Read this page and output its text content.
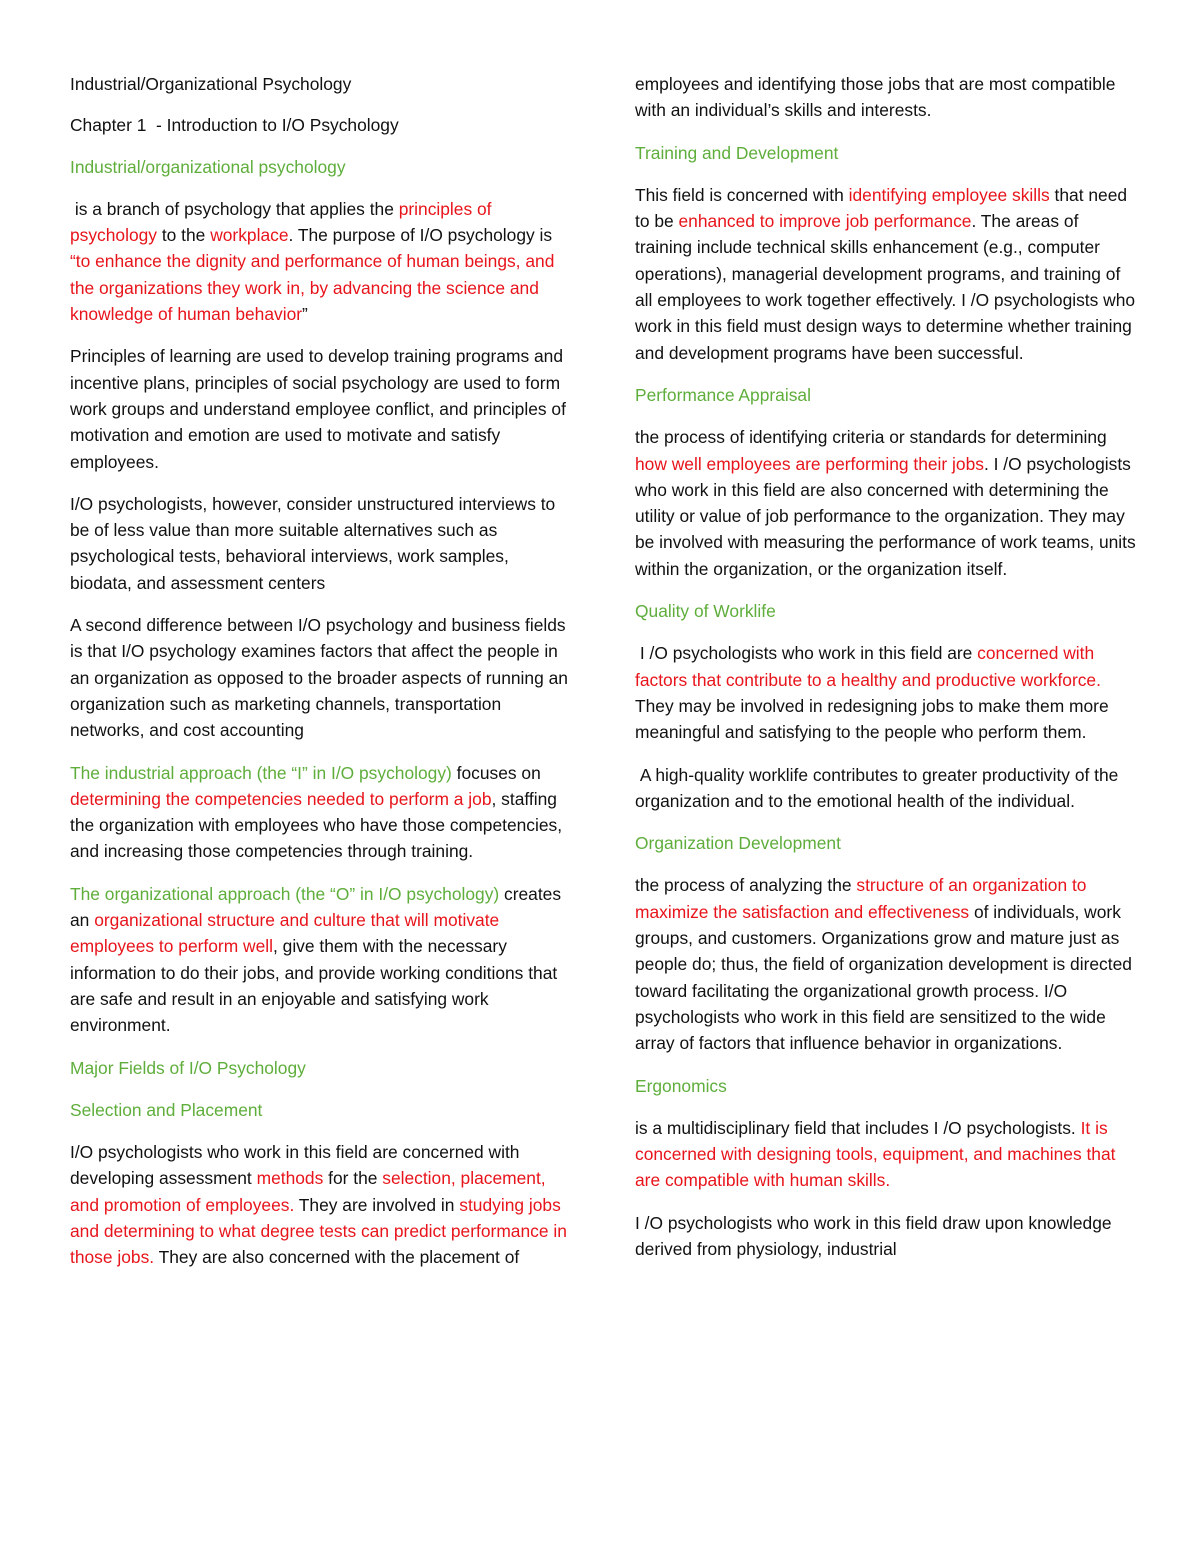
Industrial/Organizational Psychology
Chapter 1  - Introduction to I/O Psychology
Industrial/organizational psychology
is a branch of psychology that applies the principles of psychology to the workplace. The purpose of I/O psychology is “to enhance the dignity and performance of human beings, and the organizations they work in, by advancing the science and knowledge of human behavior”
Principles of learning are used to develop training programs and incentive plans, principles of social psychology are used to form work groups and understand employee conflict, and principles of motivation and emotion are used to motivate and satisfy employees.
I/O psychologists, however, consider unstructured interviews to be of less value than more suitable alternatives such as psychological tests, behavioral interviews, work samples, biodata, and assessment centers
A second difference between I/O psychology and business fields is that I/O psychology examines factors that affect the people in an organization as opposed to the broader aspects of running an organization such as marketing channels, transportation networks, and cost accounting
The industrial approach (the “I” in I/O psychology) focuses on determining the competencies needed to perform a job, staffing the organization with employees who have those competencies, and increasing those competencies through training.
The organizational approach (the “O” in I/O psychology) creates an organizational structure and culture that will motivate employees to perform well, give them with the necessary information to do their jobs, and provide working conditions that are safe and result in an enjoyable and satisfying work environment.
Major Fields of I/O Psychology
Selection and Placement
I/O psychologists who work in this field are concerned with developing assessment methods for the selection, placement, and promotion of employees. They are involved in studying jobs and determining to what degree tests can predict performance in those jobs. They are also concerned with the placement of
employees and identifying those jobs that are most compatible with an individual’s skills and interests.
Training and Development
This field is concerned with identifying employee skills that need to be enhanced to improve job performance. The areas of training include technical skills enhancement (e.g., computer operations), managerial development programs, and training of all employees to work together effectively. I /O psychologists who work in this field must design ways to determine whether training and development programs have been successful.
Performance Appraisal
the process of identifying criteria or standards for determining how well employees are performing their jobs. I /O psychologists who work in this field are also concerned with determining the utility or value of job performance to the organization. They may be involved with measuring the performance of work teams, units within the organization, or the organization itself.
Quality of Worklife
I /O psychologists who work in this field are concerned with factors that contribute to a healthy and productive workforce. They may be involved in redesigning jobs to make them more meaningful and satisfying to the people who perform them.
A high-quality worklife contributes to greater productivity of the organization and to the emotional health of the individual.
Organization Development
the process of analyzing the structure of an organization to maximize the satisfaction and effectiveness of individuals, work groups, and customers. Organizations grow and mature just as people do; thus, the field of organization development is directed toward facilitating the organizational growth process. I/O psychologists who work in this field are sensitized to the wide array of factors that influence behavior in organizations.
Ergonomics
is a multidisciplinary field that includes I /O psychologists. It is concerned with designing tools, equipment, and machines that are compatible with human skills.
I /O psychologists who work in this field draw upon knowledge derived from physiology, industrial
